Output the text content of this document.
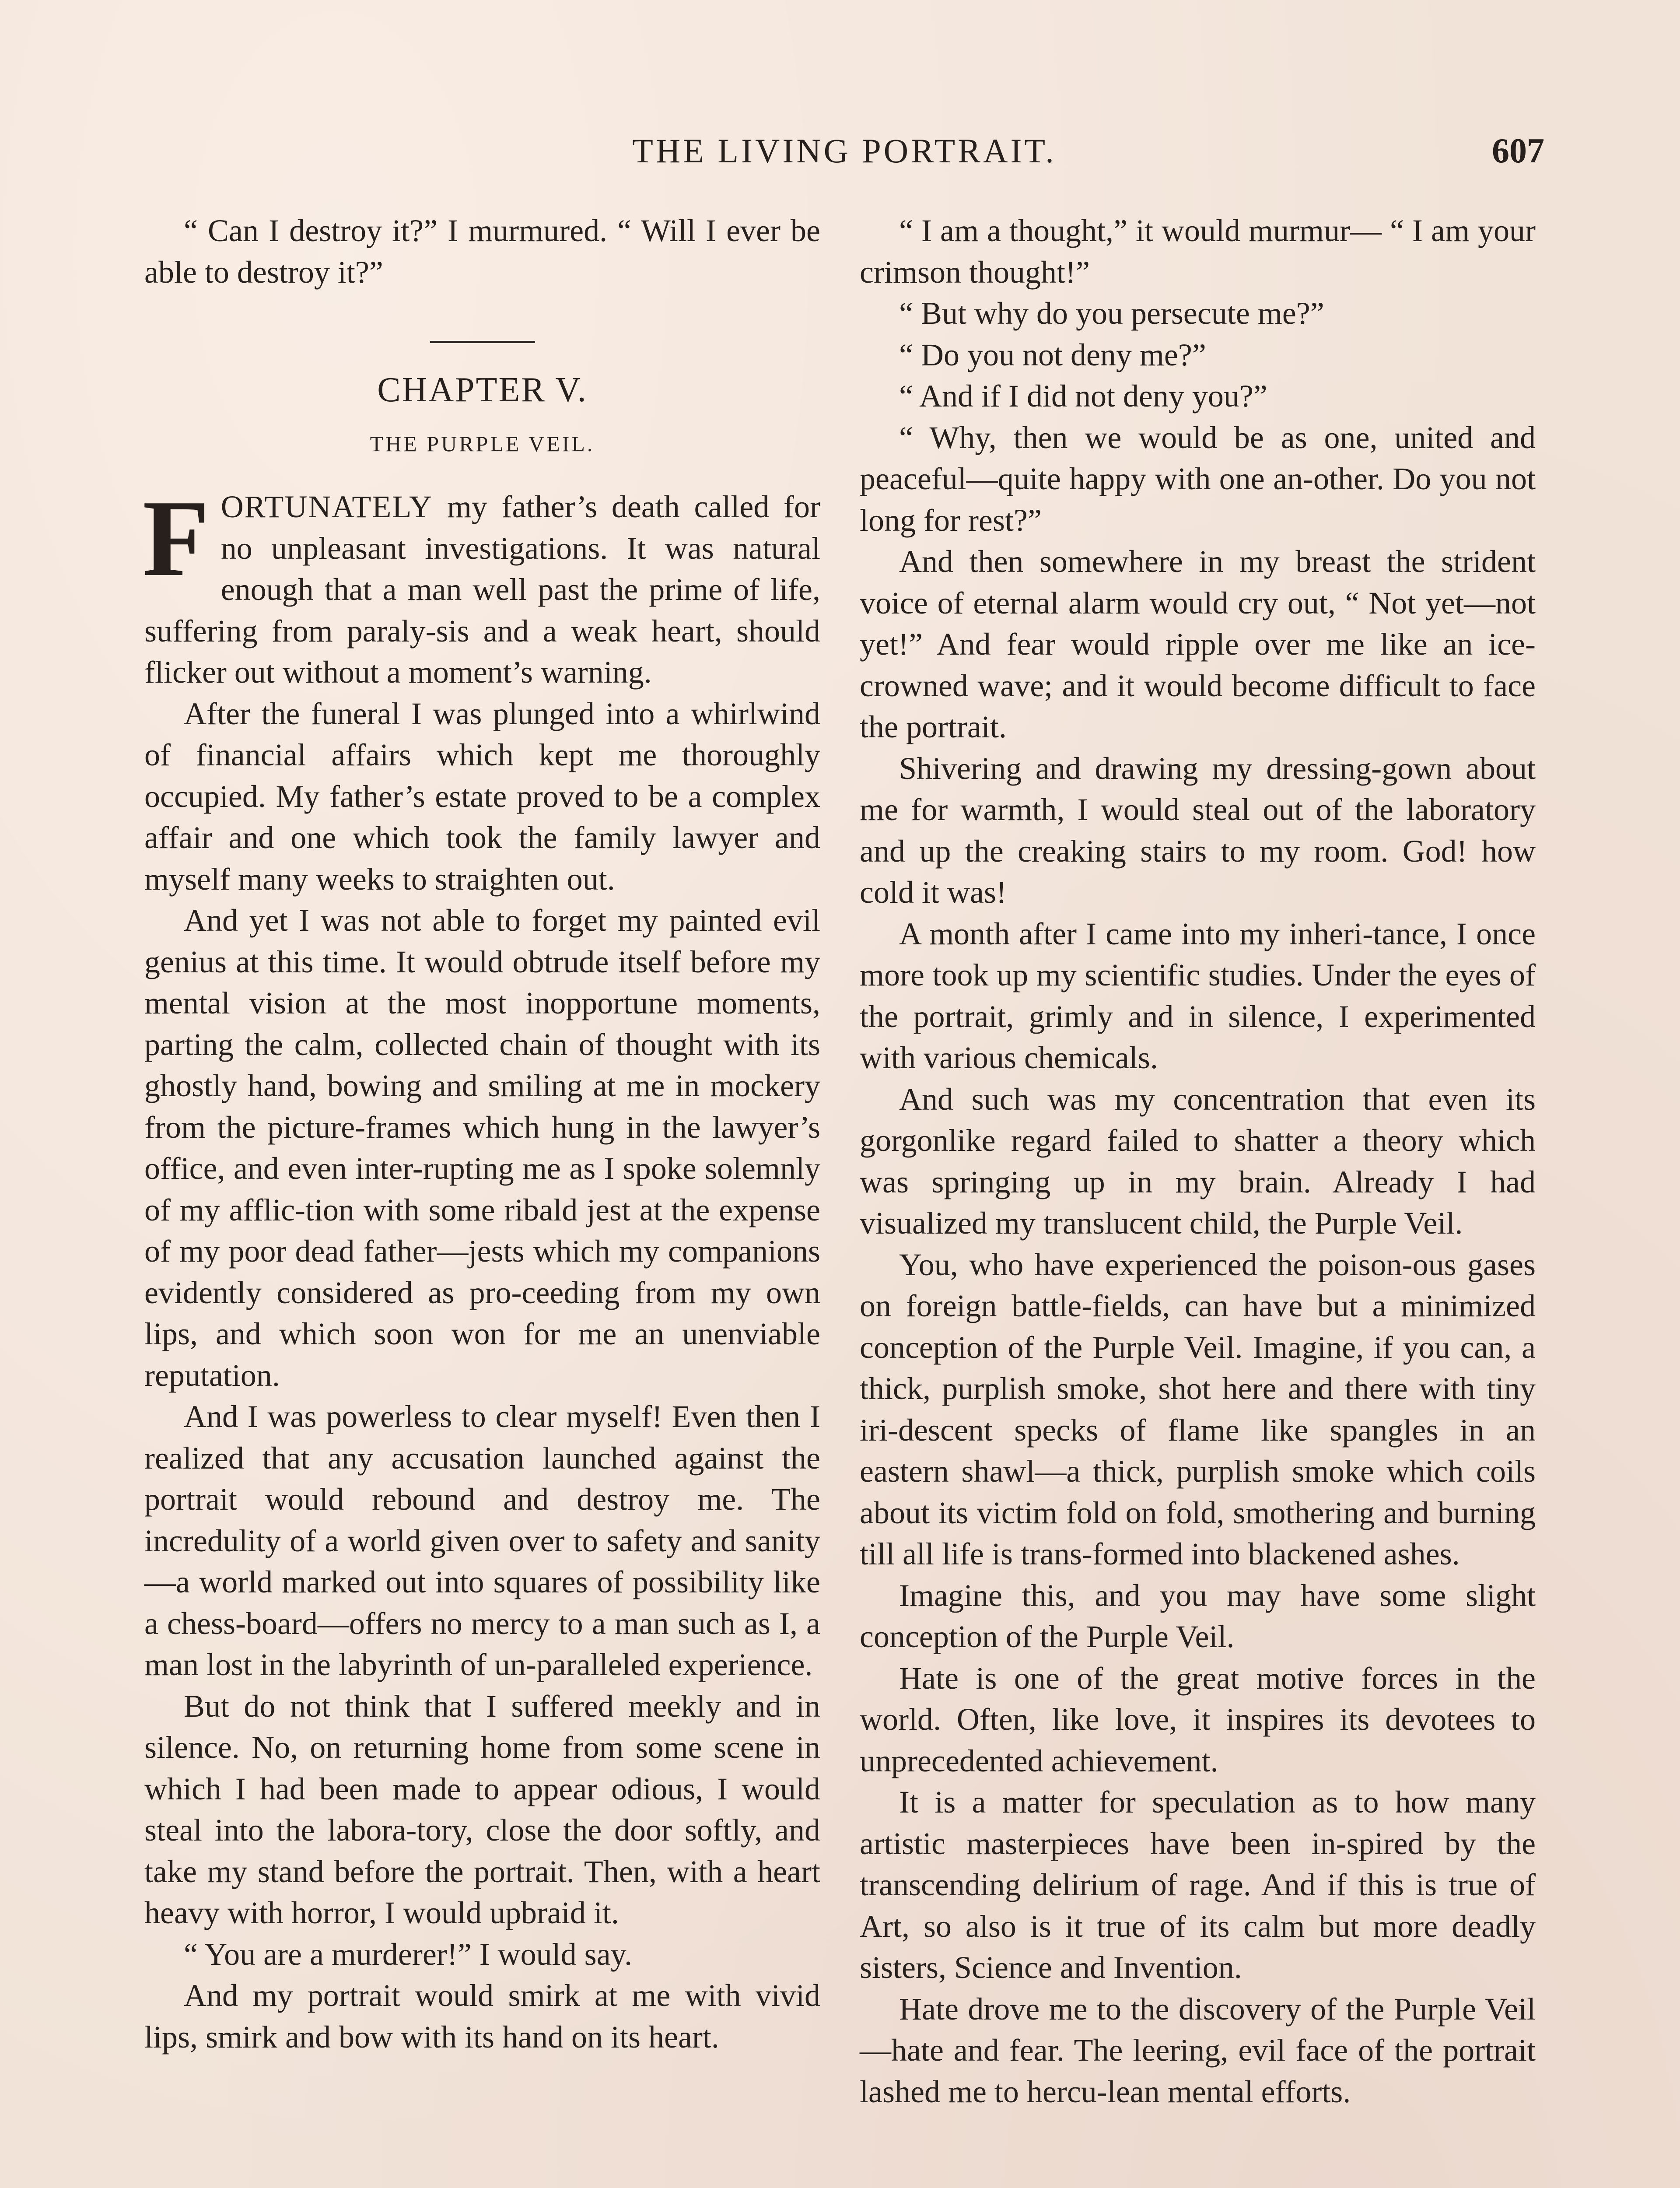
THE LIVING PORTRAIT.	607

“ Can I destroy it?” I murmured. “ Will I ever be able to destroy it?”

CHAPTER V.
THE PURPLE VEIL.

FORTUNATELY my father’s death called for no unpleasant investigations. It was natural enough that a man well past the prime of life, suffering from paraly-sis and a weak heart, should flicker out without a moment’s warning.

After the funeral I was plunged into a whirlwind of financial affairs which kept me thoroughly occupied. My father’s estate proved to be a complex affair and one which took the family lawyer and myself many weeks to straighten out.

And yet I was not able to forget my painted evil genius at this time. It would obtrude itself before my mental vision at the most inopportune moments, parting the calm, collected chain of thought with its ghostly hand, bowing and smiling at me in mockery from the picture-frames which hung in the lawyer’s office, and even inter-rupting me as I spoke solemnly of my afflic-tion with some ribald jest at the expense of my poor dead father—jests which my companions evidently considered as pro-ceeding from my own lips, and which soon won for me an unenviable reputation.

And I was powerless to clear myself! Even then I realized that any accusation launched against the portrait would rebound and destroy me. The incredulity of a world given over to safety and sanity—a world marked out into squares of possibility like a chess-board—offers no mercy to a man such as I, a man lost in the labyrinth of un-paralleled experience.

But do not think that I suffered meekly and in silence. No, on returning home from some scene in which I had been made to appear odious, I would steal into the labora-tory, close the door softly, and take my stand before the portrait. Then, with a heart heavy with horror, I would upbraid it.

“ You are a murderer!” I would say.

And my portrait would smirk at me with vivid lips, smirk and bow with its hand on its heart.

“ I am a thought,” it would murmur— “ I am your crimson thought!”

“ But why do you persecute me?”

“ Do you not deny me?”

“ And if I did not deny you?”

“ Why, then we would be as one, united and peaceful—quite happy with one an-other. Do you not long for rest?”

And then somewhere in my breast the strident voice of eternal alarm would cry out, “ Not yet—not yet!” And fear would ripple over me like an ice-crowned wave; and it would become difficult to face the portrait.

Shivering and drawing my dressing-gown about me for warmth, I would steal out of the laboratory and up the creaking stairs to my room. God! how cold it was!

A month after I came into my inheri-tance, I once more took up my scientific studies. Under the eyes of the portrait, grimly and in silence, I experimented with various chemicals.

And such was my concentration that even its gorgonlike regard failed to shatter a theory which was springing up in my brain. Already I had visualized my translucent child, the Purple Veil.

You, who have experienced the poison-ous gases on foreign battle-fields, can have but a minimized conception of the Purple Veil. Imagine, if you can, a thick, purplish smoke, shot here and there with tiny iri-descent specks of flame like spangles in an eastern shawl—a thick, purplish smoke which coils about its victim fold on fold, smothering and burning till all life is trans-formed into blackened ashes.

Imagine this, and you may have some slight conception of the Purple Veil.

Hate is one of the great motive forces in the world. Often, like love, it inspires its devotees to unprecedented achievement.

It is a matter for speculation as to how many artistic masterpieces have been in-spired by the transcending delirium of rage. And if this is true of Art, so also is it true of its calm but more deadly sisters, Science and Invention.

Hate drove me to the discovery of the Purple Veil—hate and fear. The leering, evil face of the portrait lashed me to hercu-lean mental efforts.
